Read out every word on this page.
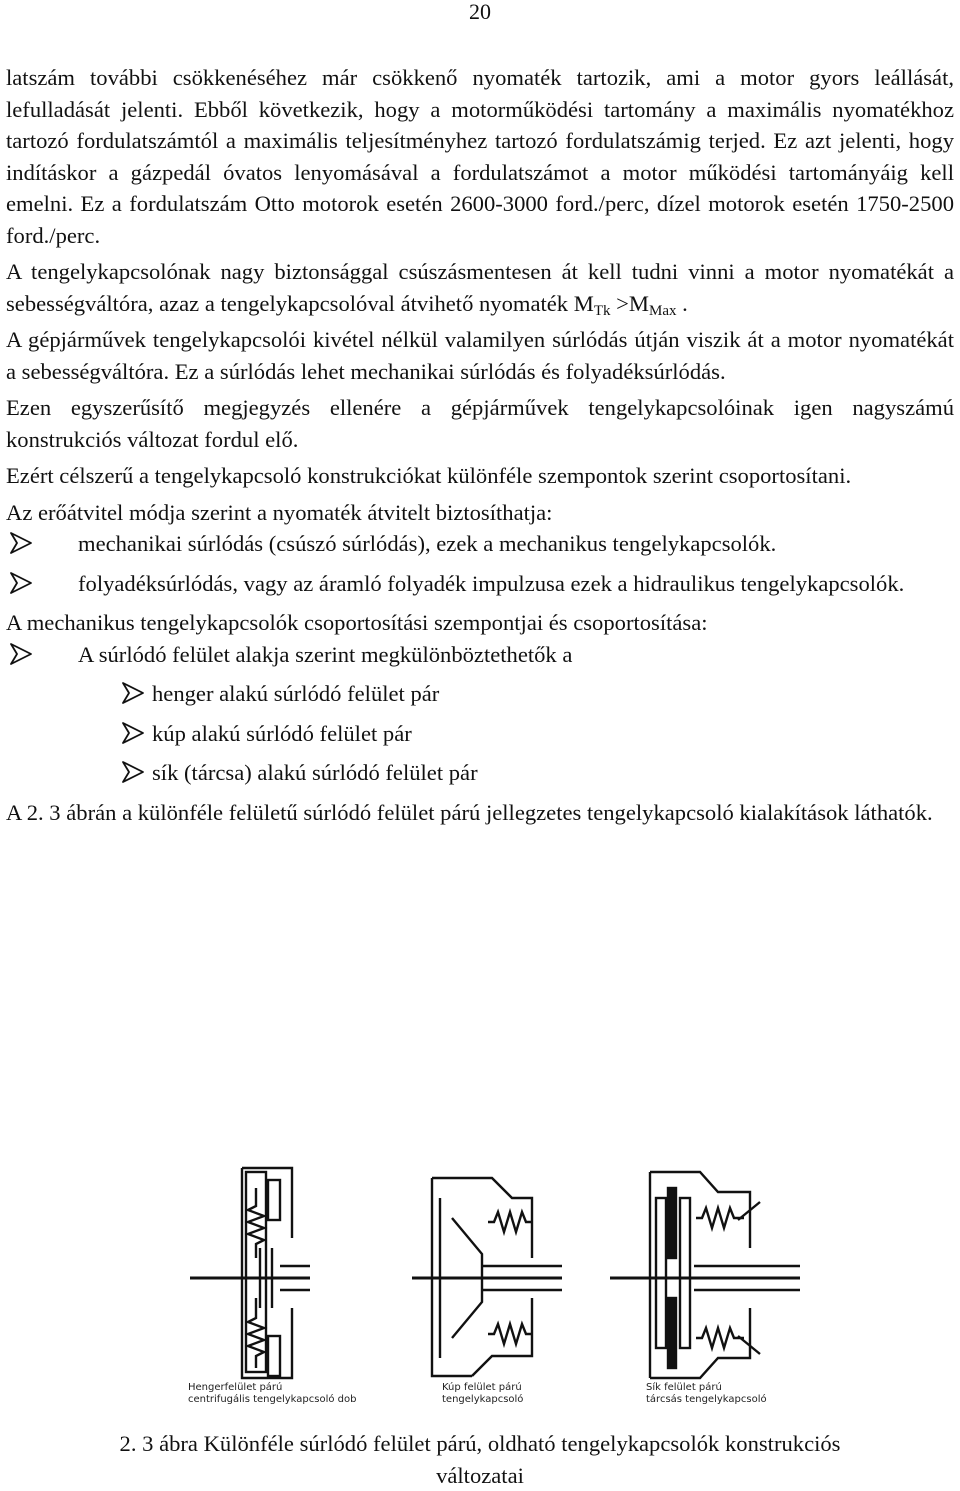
20

latszám további csökkenéséhez már csökkenő nyomaték tartozik, ami a motor gyors leállását, lefulladását jelenti. Ebből következik, hogy a motorműködési tartomány a maximális nyomatékhoz tartozó fordulatszámtól a maximális teljesítményhez tartozó fordulatszámig terjed. Ez azt jelenti, hogy indításkor a gázpedál óvatos lenyomásával a fordulatszámot a motor működési tartományáig kell emelni. Ez a fordulatszám Otto motorok esetén 2600-3000 ford./perc, dízel motorok esetén 1750-2500 ford./perc.

A tengelykapcsolónak nagy biztonsággal csúszásmentesen át kell tudni vinni a motor nyomatékát a sebességváltóra, azaz a tengelykapcsolóval átvihető nyomaték $M_{Tk} >M_{Max}$ .

A gépjárművek tengelykapcsolói kivétel nélkül valamilyen súrlódás útján viszik át a motor nyomatékát a sebességváltóra. Ez a súrlódás lehet mechanikai súrlódás és folyadéksúrlódás.

Ezen egyszerűsítő megjegyzés ellenére a gépjárművek tengelykapcsolóinak igen nagyszámú konstrukciós változat fordul elő.

Ezért célszerű a tengelykapcsoló konstrukciókat különféle szempontok szerint csoportosítani.

Az erőátvitel módja szerint a nyomaték átvitelt biztosíthatja:

mechanikai súrlódás (csúszó súrlódás), ezek a mechanikus tengelykapcsolók.
folyadéksúrlódás, vagy az áramló folyadék impulzusa ezek a hidraulikus tengelykapcsolók.

A mechanikus tengelykapcsolók csoportosítási szempontjai és csoportosítása:

A súrlódó felület alakja szerint megkülönböztethetők a
henger alakú súrlódó felület pár
kúp alakú súrlódó felület pár
sík (tárcsa) alakú súrlódó felület pár

A 2. 3 ábrán a különféle felületű súrlódó felület párú jellegzetes tengelykapcsoló kialakítások láthatók.

Hengerfelület párú
centrifugális tengelykapcsoló dob
Kúp felület párú
tengelykapcsoló
Sík felület párú
tárcsás tengelykapcsoló
2. 3 ábra Különféle súrlódó felület párú, oldható tengelykapcsolók konstrukciós
változatai
